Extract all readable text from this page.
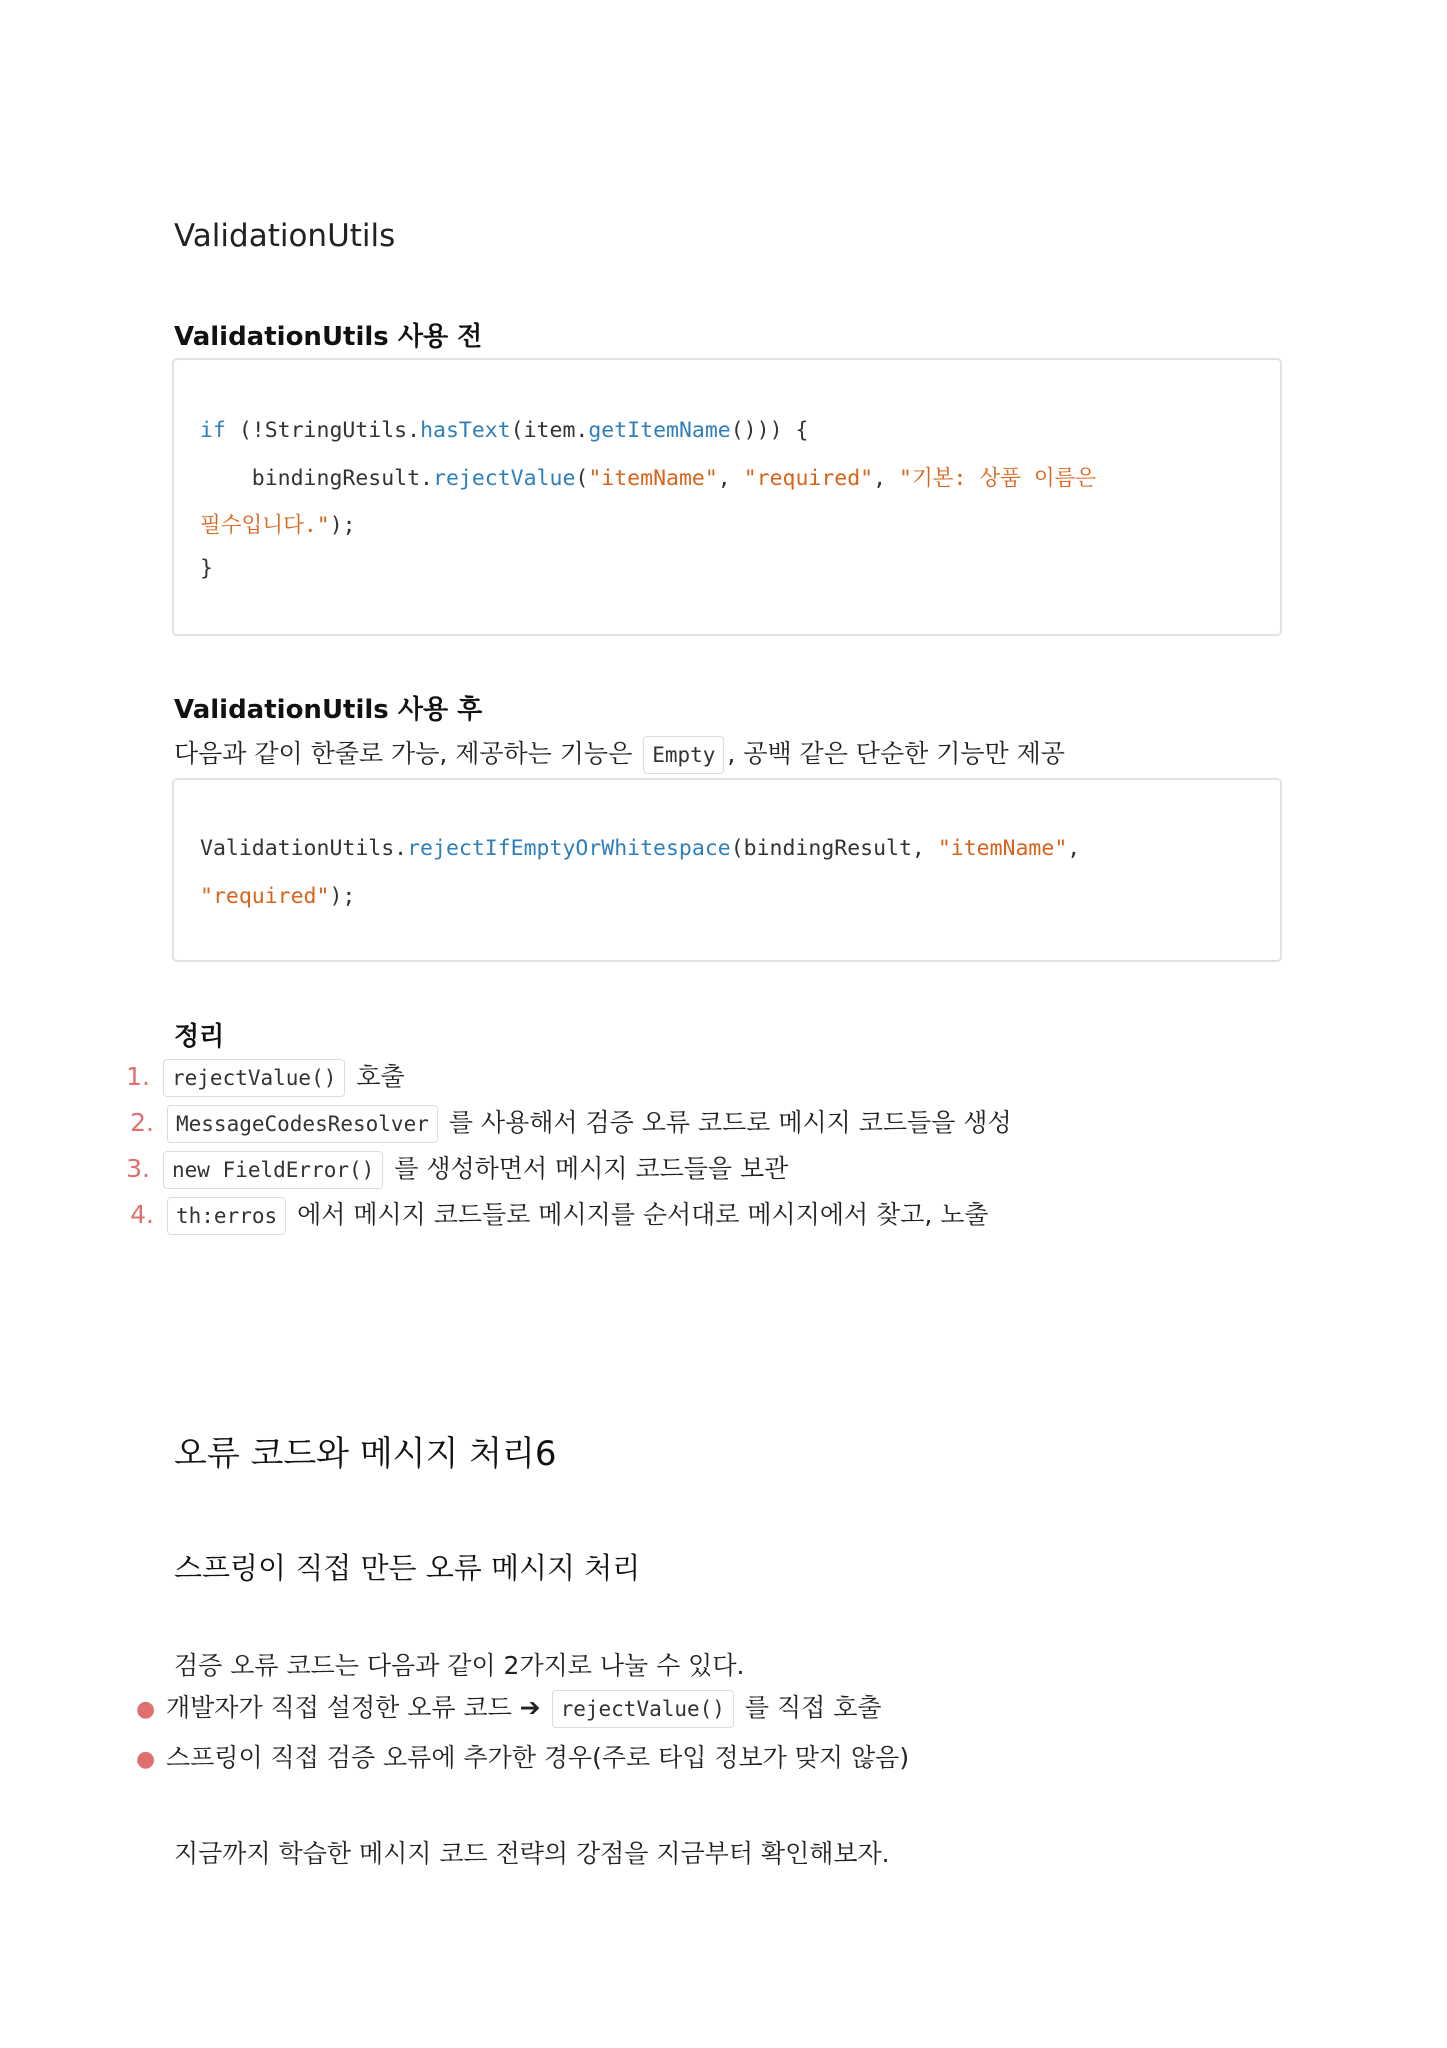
ValidationUtils
ValidationUtils 사용 전
if (!StringUtils.hasText(item.getItemName())) {
bindingResult.rejectValue("itemName", "required", "기본: 상품 이름은
필수입니다.");
}
ValidationUtils 사용 후
다음과 같이 한줄로 가능, 제공하는 기능은 Empty , 공백 같은 단순한 기능만 제공
ValidationUtils.rejectIfEmptyOrWhitespace(bindingResult, "itemName",
"required");
정리
1. rejectValue() 호출
2. MessageCodesResolver 를 사용해서 검증 오류 코드로 메시지 코드들을 생성
3. new FieldError() 를 생성하면서 메시지 코드들을 보관
4. th:erros 에서 메시지 코드들로 메시지를 순서대로 메시지에서 찾고, 노출
오류 코드와 메시지 처리6
스프링이 직접 만든 오류 메시지 처리
검증 오류 코드는 다음과 같이 2가지로 나눌 수 있다.
● 개발자가 직접 설정한 오류 코드 ➔ rejectValue() 를 직접 호출
● 스프링이 직접 검증 오류에 추가한 경우(주로 타입 정보가 맞지 않음)
지금까지 학습한 메시지 코드 전략의 강점을 지금부터 확인해보자.
